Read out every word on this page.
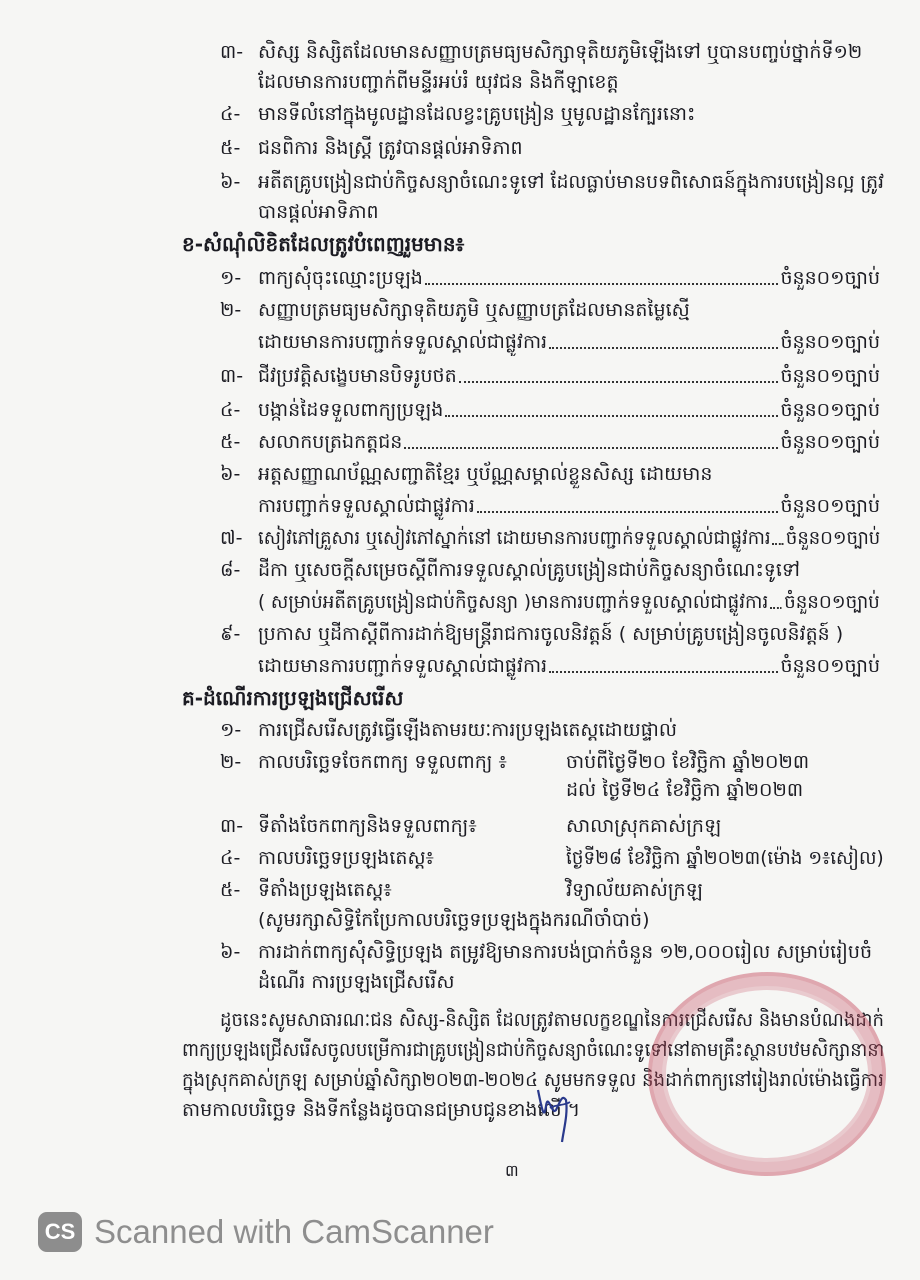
៣- សិស្ស និស្សិតដែលមានសញ្ញាបត្រមធ្យមសិក្សាទុតិយភូមិឡើងទៅ ឬបានបញ្ចប់ថ្នាក់ទី១២
ដែលមានការបញ្ជាក់ពីមន្ទីរអប់រំ យុវជន និងកីឡាខេត្ត
៤- មានទីលំនៅក្នុងមូលដ្ឋានដែលខ្វះគ្រូបង្រៀន ឬមូលដ្ឋានក្បែរនោះ
៥- ជនពិការ និងស្ត្រី ត្រូវបានផ្តល់អាទិភាព
៦- អតីតគ្រូបង្រៀនជាប់កិច្ចសន្យាចំណេះទូទៅ ដែលធ្លាប់មានបទពិសោធន៍ក្នុងការបង្រៀនល្អ ត្រូវ
បានផ្តល់អាទិភាព
ខ-សំណុំលិខិតដែលត្រូវបំពេញរួមមាន៖
១- ពាក្យសុំចុះឈ្មោះប្រឡង	ចំនួន០១ច្បាប់
២- សញ្ញាបត្រមធ្យមសិក្សាទុតិយភូមិ ឬសញ្ញាបត្រដែលមានតម្លៃស្មើ
ដោយមានការបញ្ជាក់ទទួលស្គាល់ជាផ្លូវការ	ចំនួន០១ច្បាប់
៣- ជីវប្រវត្តិសង្ខេបមានបិទរូបថត	ចំនួន០១ច្បាប់
៤- បង្កាន់ដៃទទួលពាក្យប្រឡង	ចំនួន០១ច្បាប់
៥- សលាកបត្រឯកត្តជន	ចំនួន០១ច្បាប់
៦- អត្តសញ្ញាណប័ណ្ណសញ្ជាតិខ្មែរ ឬប័ណ្ណសម្គាល់ខ្លួនសិស្ស ដោយមាន
ការបញ្ជាក់ទទួលស្គាល់ជាផ្លូវការ	ចំនួន០១ច្បាប់
៧- សៀវភៅគ្រួសារ ឬសៀវភៅស្នាក់នៅ ដោយមានការបញ្ជាក់ទទួលស្គាល់ជាផ្លូវការ ចំនួន០១ច្បាប់
៨- ដីកា ឬសេចក្តីសម្រេចស្តីពីការទទួលស្គាល់គ្រូបង្រៀនជាប់កិច្ចសន្យាចំណេះទូទៅ
( សម្រាប់អតីតគ្រូបង្រៀនជាប់កិច្ចសន្យា )មានការបញ្ជាក់ទទួលស្គាល់ជាផ្លូវការ ចំនួន០១ច្បាប់
៩- ប្រកាស ឬដីកាស្តីពីការដាក់ឱ្យមន្ត្រីរាជការចូលនិវត្តន៍ ( សម្រាប់គ្រូបង្រៀនចូលនិវត្តន៍ )
ដោយមានការបញ្ជាក់ទទួលស្គាល់ជាផ្លូវការ	ចំនួន០១ច្បាប់
គ-ដំណើរការប្រឡងជ្រើសរើស
១- ការជ្រើសរើសត្រូវធ្វើឡើងតាមរយៈការប្រឡងតេស្តដោយផ្ទាល់
២- កាលបរិច្ឆេទចែកពាក្យ ទទួលពាក្យ ៖	ចាប់ពីថ្ងៃទី២០ ខែវិច្ឆិកា ឆ្នាំ២០២៣
ដល់ ថ្ងៃទី២៤ ខែវិច្ឆិកា ឆ្នាំ២០២៣
៣- ទីតាំងចែកពាក្យនិងទទួលពាក្យ៖	សាលាស្រុកគាស់ក្រឡ
៤- កាលបរិច្ឆេទប្រឡងតេស្ត៖	ថ្ងៃទី២៨ ខែវិច្ឆិកា ឆ្នាំ២០២៣(ម៉ោង ១៖សៀល)
៥- ទីតាំងប្រឡងតេស្ត៖	វិទ្យាល័យគាស់ក្រឡ
(សូមរក្សាសិទ្ធិកែប្រែកាលបរិច្ឆេទប្រឡងក្នុងករណីចាំបាច់)
៦- ការដាក់ពាក្យសុំសិទ្ធិប្រឡង តម្រូវឱ្យមានការបង់ប្រាក់ចំនួន ១២,០០០រៀល សម្រាប់រៀបចំ
ដំណើរ ការប្រឡងជ្រើសរើស
ដូចនេះសូមសាធារណៈជន សិស្ស-និស្សិត ដែលត្រូវតាមលក្ខខណ្ឌនៃការជ្រើសរើស និងមានបំណងដាក់
ពាក្យប្រឡងជ្រើសរើសចូលបម្រើការជាគ្រូបង្រៀនជាប់កិច្ចសន្យាចំណេះទូទៅនៅតាមគ្រឹះស្ថានបឋមសិក្សានានា
ក្នុងស្រុកគាស់ក្រឡ សម្រាប់ឆ្នាំសិក្សា២០២៣-២០២៤ សូមមកទទួល និងដាក់ពាក្យនៅរៀងរាល់ម៉ោងធ្វើការ
តាមកាលបរិច្ឆេទ និងទីកន្លែងដូចបានជម្រាបជូនខាងលើ ។
៣
CS Scanned with CamScanner
